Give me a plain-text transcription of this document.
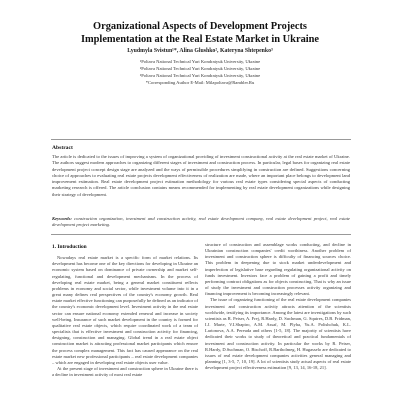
Organizational Aspects of Development Projects
Implementation at the Real Estate Market in Ukraine
Lyudmyla Svistun¹*, Alina Glushko², Kateryna Shtepenko³
¹Poltava National Technical Yuri Kondratyuk University, Ukraine
²Poltava National Technical Yuri Kondratyuk University, Ukraine
³Poltava National Technical Yuri Kondratyuk University, Ukraine
*Corresponding Author E-Mail: Milapoltava@Rambler.Ru
Abstract
The article is dedicated to the issues of improving a system of organizational providing of investment constructional activity at the real estate market of Ukraine. The authors suggest modern approaches to organizing different stages of investment and construction process. In particular, legal bases for organizing real estate development project concept design stage are analyzed and the ways of permissible procedures simplifying in construction are defined. Suggestions concerning choice of approaches to evaluating real estate projects development effectiveness of realization are made, where an important place belongs to development land improvement estimation. Real estate development project estimation methodology for various real estate types considering special aspects of conducting marketing research is offered. The article conclusion contains means recommended for implementing by real estate development organizations while designing their strategy of development.
Keywords: construction organization, investment and construction activity, real estate development company, real estate development project, real estate development project marketing.
1. Introduction

Nowadays real estate market is a specific form of market relations. Its development has become one of the key directions for developing in Ukraine an economic system based on dominance of private ownership and market self-regulating, functional and development mechanisms. In the process of developing real estate market, being a general market constituent reflects problems in economy and social sector, while investment volume into it in a great many defines real perspectives of the country's economy growth. Real estate market effective functioning can purposefully be defined as an indicator of the country's economic development level. Investment activity in the real estate sector can ensure national economy extended renewal and increase in society well-being. Insurance of such market development in the country is formed for qualitative real estate objects, which require coordinated work of a team of specialists that is effective investment and construction activity for financing, designing, construction and managing. Global trend in a real estate object construction market is attracting professional market participants which ensure the process complex management. This fact has caused appearance on the real estate market new professional participants – real estate development companies – which are engaged in developing real estate objects user value.

At the present stage of investment and construction sphere in Ukraine there is a decline in investment activity of most real estate

structure of construction and assemblage works conducting, and decline in Ukrainian construction companies' credit worthiness. Another problem of investment and construction sphere is difficulty of financing sources choice. This problem in deepening due to stock market underdevelopment and imperfection of legislative base regarding regulating organizational activity on funds investment. Investors face a problem of gaining a profit and timely performing contract obligations as for objects constructing. That is why an issue of study the investment and construction processes activity organizing and financing improvement is becoming increasingly relevant.

The issue of organizing functioning of the real estate development companies investment and construction activity attracts attention of the scientists worldwide, testifying its importance. Among the latest are investigations by such scientists as R. Peiser, A. Frej, R.Hardy, D. Suchman, G. Squires, D.B. Fridman, I.J. Marte, V.I.Shapiro, A.M. Assaf, M. Plyha, Yu.A. Polishchuk, K.L. Larionova, A.A. Pereuda and others [1-5, 18]. The majority of scientists have dedicated their works to study of theoretical and practical fundamentals of investment and construction activity. In particular the works by R. Peiser, R.Hardy, D.Suchman, O. Bischoff, R.Bartholmeg, H. Hugasselo are dedicated to issues of real estate development companies activities general managing and planning [1, 3-5, 7, 10, 19]. A lot of scientists study actual aspects of real estate development project effectiveness estimation [9, 13, 14, 16-18, 21].
